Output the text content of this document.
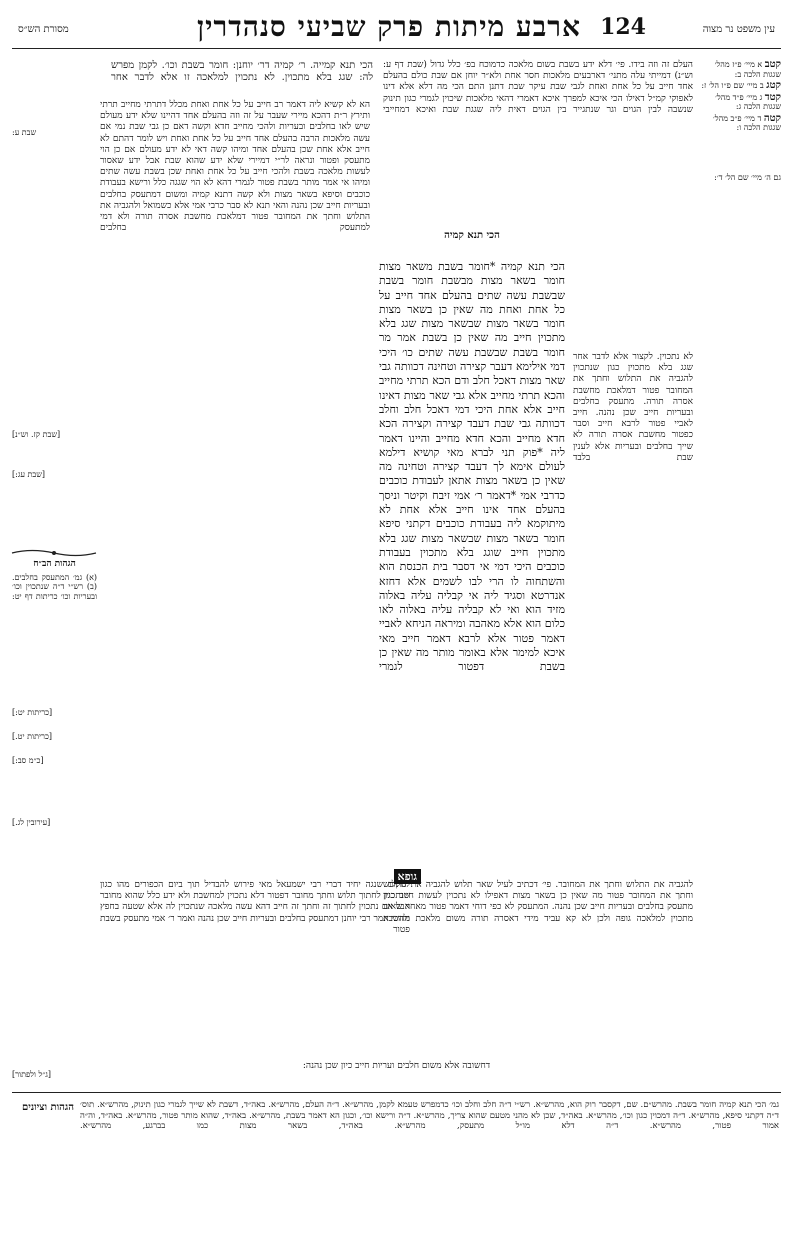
עין משפט נר מצוה
124
ארבע מיתות פרק שביעי סנהדרין
מסורת הש״ס
קטב א מיי׳ פ״ז מהל׳ שגגות הלכה ב:
קטג ב מיי׳ שם פ״ו הל׳ ז:
קטד ג מיי׳ פ״ד מהל׳ שגגות הלכה ג:
קטה ד מיי׳ פ״ב מהל׳ שגגות הלכה ו:
גם ה׳ מיי׳ שם הל׳ ד׳:
שבת ע:
[שבת קז. וש״נ]
[שבת עג:]
[כריתות יט:]
[כריתות יט.]
[כ״מ סב:]
[עירובין לג.]
[ג״ל ולפתור]
הגהות הב״ח
(א) גמ׳ המתעסק בחלבים. (ב) רש״י ד״ה שנתכוין וכו׳ ובעריות וכו׳ כריתות דף יט:
העלם זה וזה בידו. פי׳ דלא ידע בשבת בשום מלאכה כדמוכח בפ׳ כלל גדול (שבת דף ע: וש״נ) דמייתי עלה מתני׳ דארבעים מלאכות חסר אחת ולא״ר יוחן אם שבת כולם בהעלם אחד חייב על כל אחת ואחת לגבי שבת עיקר שבת דתנן התם הכי מה דלא אלא דינו לאפוקי קמ״ל דאילו הכי איכא למפרך איכא דאמרי דהאי מלאכות שיכוין לגמרי כגון תינוק שנשבה לבין הגוים וגר שנתגייר בין הגוים דאית ליה שגגת שבת ואיכא דמחייבי
הכי תנא קמייה. ר׳ קמיה דר׳ יוחנן: חומר בשבת וכו׳. לקמן מפרש לה: שגג בלא מתכוין. לא נתכוין למלאכה זו אלא לדבר אחר
הא לא קשיא ליה דאמר רב חייב על כל אחת ואחת מכלל דתרתי מחייב תרתי ותירץ ר״ת דהכא מיירי שעבר על זה וזה בהעלם אחד דהיינו שלא ידע מעולם שיש לאו בחלבים ובעריות ולהכי מחייב חדא וקשה דאם כן גבי שבת נמי אם עשה מלאכות הרבה בהעלם אחד חייב על כל אחת ואחת ויש לומר דהתם לא חייב אלא אחת שכן בהעלם אחד ומיהו קשה דאי לא ידע מעולם אם כן הוי מתעסק ופטור ונראה לר״י דמיירי שלא ידע שהוא שבת אבל ידע שאסור לעשות מלאכה בשבת ולהכי חייב על כל אחת ואחת שכן בשבת עשה שתים ומיהו אי אמר מותר בשבת פטור לגמרי דהא לא הוי שגגה כלל ורישא בעבודת כוכבים וסיפא בשאר מצות ולא קשה דתנא קמיה ומשום דמתעסק בחלבים ובעריות חייב שכן נהנה והאי תנא לא סבר כרבי אמי אלא כשמואל ולהגביה את התלוש וחתך את המחובר פטור דמלאכת מחשבת אסרה תורה ולא דמי למתעסק בחלבים
הכי תנא קמיה
הכי תנא קמיה *חומר בשבת משאר מצות חומר בשאר מצות מבשבת חומר בשבת שבשבת עשה שתים בהעלם אחד חייב על כל אחת ואחת מה שאין כן בשאר מצות חומר בשאר מצות שבשאר מצות שגג בלא מתכוין חייב מה שאין כן בשבת אמר מר חומר בשבת שבשבת עשה שתים כו׳ היכי דמי אילימא דעבר קצירה וטחינה דכוותה גבי שאר מצות דאכל חלב ודם הכא תרתי מחייב והכא תרתי מחייב אלא גבי שאר מצות דאינו חייב אלא אחת היכי דמי דאכל חלב וחלב דכוותה גבי שבת דעבד קצירה וקצירה הכא חדא מחייב והכא חדא מחייב והיינו דאמר ליה *פוק תני לברא מאי קושיא דילמא לעולם אימא לך דעבד קצירה וטחינה מה שאין כן בשאר מצות אתאן לעבודת כוכבים כדרבי אמי *דאמר ר׳ אמי זיבח וקיטר וניסך בהעלם אחד אינו חייב אלא אחת לא מיתוקמא ליה בעבודת כוכבים דקתני סיפא חומר בשאר מצות שבשאר מצות שגג בלא מתכוין חייב שוגג בלא מתכוין בעבודת כוכבים היכי דמי אי דסבר בית הכנסת הוא והשתחוה לו הרי לבו לשמים אלא דחזא אנדרטא וסגיד ליה אי קבליה עליה באלוה מזיד הוא ואי לא קבליה עליה באלוה לאו כלום הוא אלא מאהבה ומיראה הניחא לאביי דאמר פטור אלא לרבא דאמר חייב מאי איכא למימר אלא באומר מותר מה שאין כן בשבת דפטור לגמרי
גופא
לא נתכוין. לקצור אלא לדבר אחר שגג בלא מתכוין כגון שנתכוין להגביה את התלוש וחתך את המחובר פטור דמלאכת מחשבת אסרה תורה. מתעסק בחלבים ובעריות חייב שכן נהנה. חייב לאביי פטור לרבא חייב וסבר כפטור מחשבת אסרה תורה לא שייך בחלבים ובעריות אלא לענין שבת בלבד
להגביה את התלוש וחתך את המחובר. פי׳ דכתיב לעיל שאר תלוש להגביה את התלוש וחתך את המחובר פטור מה שאין כן בשאר מצות דאפילו לא נתכוין לעשות חייב כגון מתעסק בחלבים ובעריות חייב שכן נהנה. המתעסק לא כפי דוחי דאמר פטור מאחר שאינו מתכוין למלאכה גופה ולכן לא קא עביד מידי דאסרה תורה משום מלאכת מחשבת
למקום שנגה יחיד דברי רבי ישמעאל מאי פירוש להבדיל תוך ביום הכפורים מהו כגון שנתכוין לחתוך תלוש וחתך מחובר דפטור דלא נתכוין למחשבת ולא ידע כלל שהוא מחובר אבל אם נתכוין לחתוך זה וחתך זה חייב דהא עשה מלאכה שנתכוין לה אלא שטעה בחפץ ולהכי אמר רבי יוחנן דמתעסק בחלבים ובעריות חייב שכן נהנה ואמר ר׳ אמי מתעסק בשבת פטור
דחשובה אלא משום חלבים ועריות חייב כיון שכן נהנה:
הגהות וציונים גמ׳ הכי תנא קמיה חומר בשבת. מהרש״ם. שם, דקסבר רוק הוא, מהרש״א. רש״י ד״ה חלב וחלב וכו׳ כדמפרש טעמא לקמן, מהרש״א. ד״ה העלם, מהרש״א. באה״ד, דשבת לא שייך לגמרי כגון תינוק, מהרש״א. תוס׳ ד״ה דקתני סיפא, מהרש״א. ד״ה דמכוין כגון וכו׳, מהרש״א. באה״ד, שכן לא מהני מטעם שהוא צריך, מהרש״א. ד״ה ורישא וכו׳, וכגון הא דאמר בשבת, מהרש״א. באה״ד, שהוא מותר פטור, מהרש״א. באה״ד, וה״ה אמור פטור, מהרש״א. ד״ה דלא מו״ל מתעסק, מהרש״א. באה״ד, בשאר מצות כמו בברגע, מהרש״א.
